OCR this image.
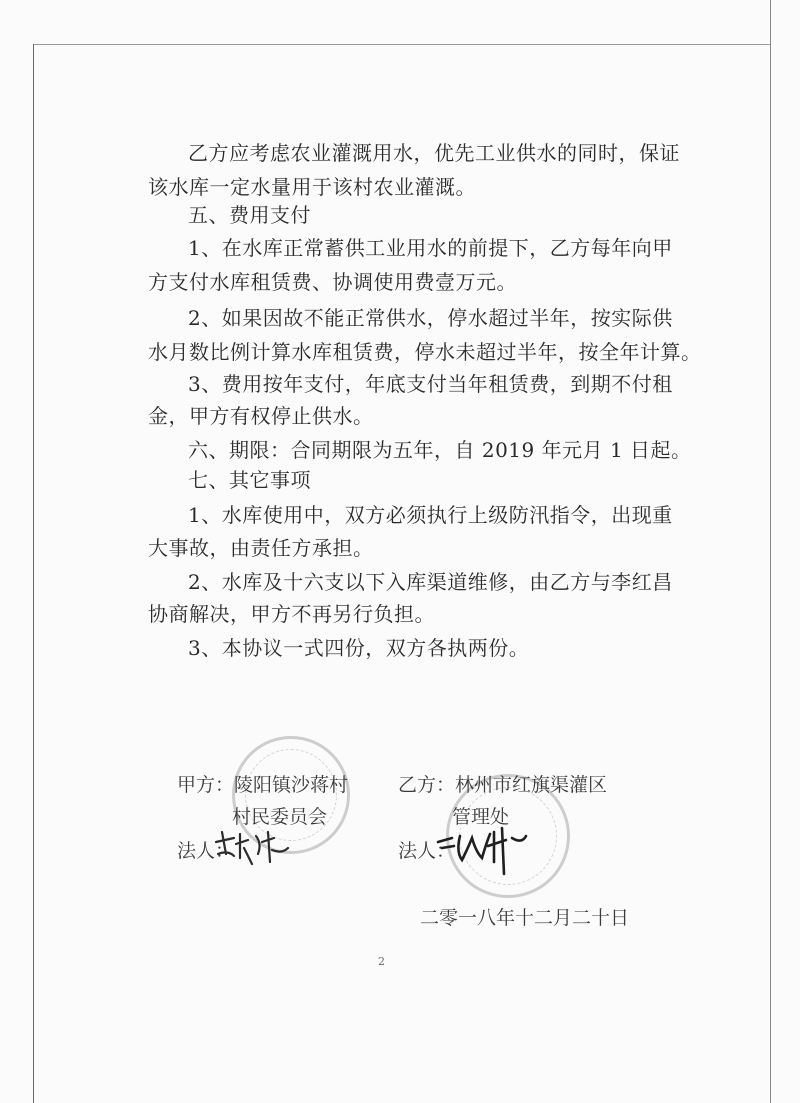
乙方应考虑农业灌溉用水，优先工业供水的同时，保证
该水库一定水量用于该村农业灌溉。
五、费用支付
1、在水库正常蓄供工业用水的前提下，乙方每年向甲
方支付水库租赁费、协调使用费壹万元。
2、如果因故不能正常供水，停水超过半年，按实际供
水月数比例计算水库租赁费，停水未超过半年，按全年计算。
3、费用按年支付，年底支付当年租赁费，到期不付租
金，甲方有权停止供水。
六、期限：合同期限为五年，自 2019 年元月 1 日起。
七、其它事项
1、水库使用中，双方必须执行上级防汛指令，出现重
大事故，由责任方承担。
2、水库及十六支以下入库渠道维修，由乙方与李红昌
协商解决，甲方不再另行负担。
3、本协议一式四份，双方各执两份。
甲方：陵阳镇沙蒋村
村民委员会
法人：
乙方：林州市红旗渠灌区
管理处
法人：
二零一八年十二月二十日
2
